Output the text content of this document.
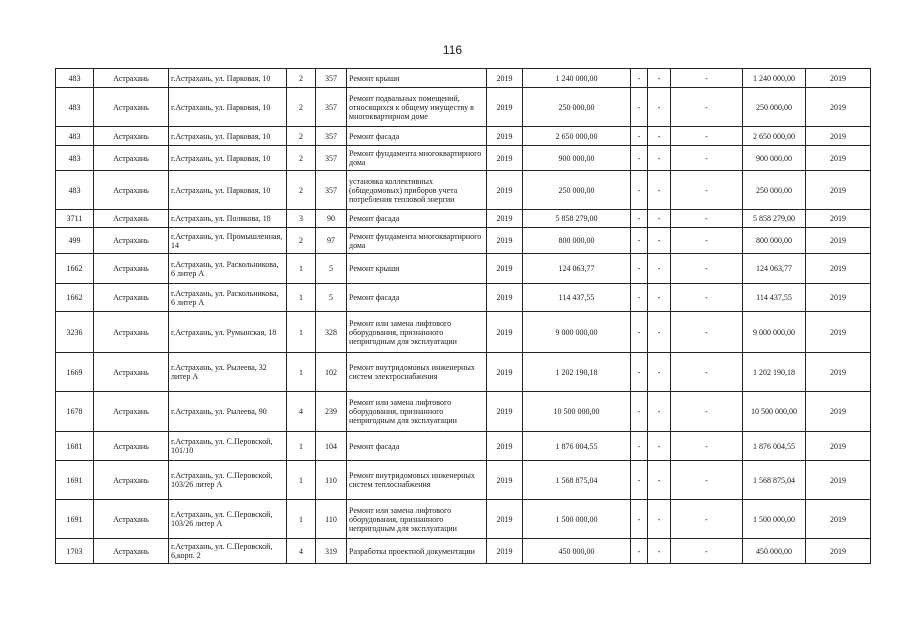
116
483	Астрахань	г.Астрахань, ул. Парковая, 10	2	357	Ремонт крыши	2019	1 240 000,00	-	-	-	1 240 000,00	2019
483	Астрахань	г.Астрахань, ул. Парковая, 10	2	357	Ремонт подвальных помещений, относящихся к общему имуществу в многоквартирном доме	2019	250 000,00	-	-	-	250 000,00	2019
483	Астрахань	г.Астрахань, ул. Парковая, 10	2	357	Ремонт фасада	2019	2 650 000,00	-	-	-	2 650 000,00	2019
483	Астрахань	г.Астрахань, ул. Парковая, 10	2	357	Ремонт фундамента многоквартирного дома	2019	900 000,00	-	-	-	900 000,00	2019
483	Астрахань	г.Астрахань, ул. Парковая, 10	2	357	установка коллективных (общедомовых) приборов учета потребления тепловой энергии	2019	250 000,00	-	-	-	250 000,00	2019
3711	Астрахань	г.Астрахань, ул. Полякова, 18	3	90	Ремонт фасада	2019	5 858 279,00	-	-	-	5 858 279,00	2019
499	Астрахань	г.Астрахань, ул. Промышленная, 14	2	97	Ремонт фундамента многоквартирного дома	2019	800 000,00	-	-	-	800 000,00	2019
1662	Астрахань	г.Астрахань, ул. Раскольникова, 6 литер А	1	5	Ремонт крыши	2019	124 063,77	-	-	-	124 063,77	2019
1662	Астрахань	г.Астрахань, ул. Раскольникова, 6 литер А	1	5	Ремонт фасада	2019	114 437,55	-	-	-	114 437,55	2019
3236	Астрахань	г.Астрахань, ул. Румынская, 18	1	328	Ремонт или замена лифтового оборудования, признанного непригодным для эксплуатации	2019	9 000 000,00	-	-	-	9 000 000,00	2019
1669	Астрахань	г.Астрахань, ул. Рылеева, 32 литер А	1	102	Ремонт внутридомовых инженерных систем электроснабжения	2019	1 202 190,18	-	-	-	1 202 190,18	2019
1678	Астрахань	г.Астрахань, ул. Рылеева, 90	4	239	Ремонт или замена лифтового оборудования, признанного непригодным для эксплуатации	2019	10 500 000,00	-	-	-	10 500 000,00	2019
1681	Астрахань	г.Астрахань, ул. С.Перовской, 101/10	1	104	Ремонт фасада	2019	1 876 004,55	-	-	-	1 876 004,55	2019
1691	Астрахань	г.Астрахань, ул. С.Перовской, 103/26 литер А	1	110	Ремонт внутридомовых инженерных систем теплоснабжения	2019	1 568 875,04	-	-	-	1 568 875,04	2019
1691	Астрахань	г.Астрахань, ул. С.Перовской, 103/26 литер А	1	110	Ремонт или замена лифтового оборудования, признанного непригодным для эксплуатации	2019	1 500 000,00	-	-	-	1 500 000,00	2019
1703	Астрахань	г.Астрахань, ул. С.Перовской, 6,корп. 2	4	319	Разработка проектной документации	2019	450 000,00	-	-	-	450 000,00	2019
